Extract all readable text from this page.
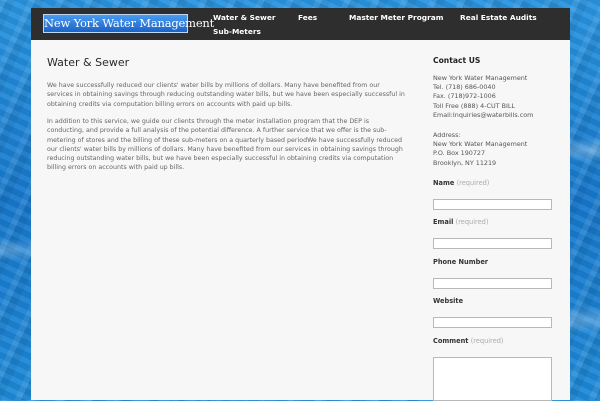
New York Water Management
Water & Sewer	Fees	Master Meter Program Real Estate Audits
Sub-Meters
Water & Sewer

We have successfully reduced our clients' water bills by millions of dollars. Many have benefited from our services in obtaining savings through reducing outstanding water bills, but we have been especially successful in obtaining credits via computation billing errors on accounts with paid up bills.

In addition to this service, we guide our clients through the meter installation program that the DEP is conducting, and provide a full analysis of the potential difference. A further service that we offer is the sub-metering of stores and the billing of these sub-meters on a quarterly based periodWe have successfully reduced our clients' water bills by millions of dollars. Many have benefited from our services in obtaining savings through reducing outstanding water bills, but we have been especially successful in obtaining credits via computation billing errors on accounts with paid up bills.

Contact US
New York Water Management
Tel. (718) 686-0040
Fax. (718)972-1006
Toll Free (888) 4-CUT BILL
Email:Inquiries@waterbills.com
Address:
New York Water Management
P.O. Box 190727
Brooklyn, NY 11219
Name (required)
Email (required)
Phone Number
Website
Comment (required)
